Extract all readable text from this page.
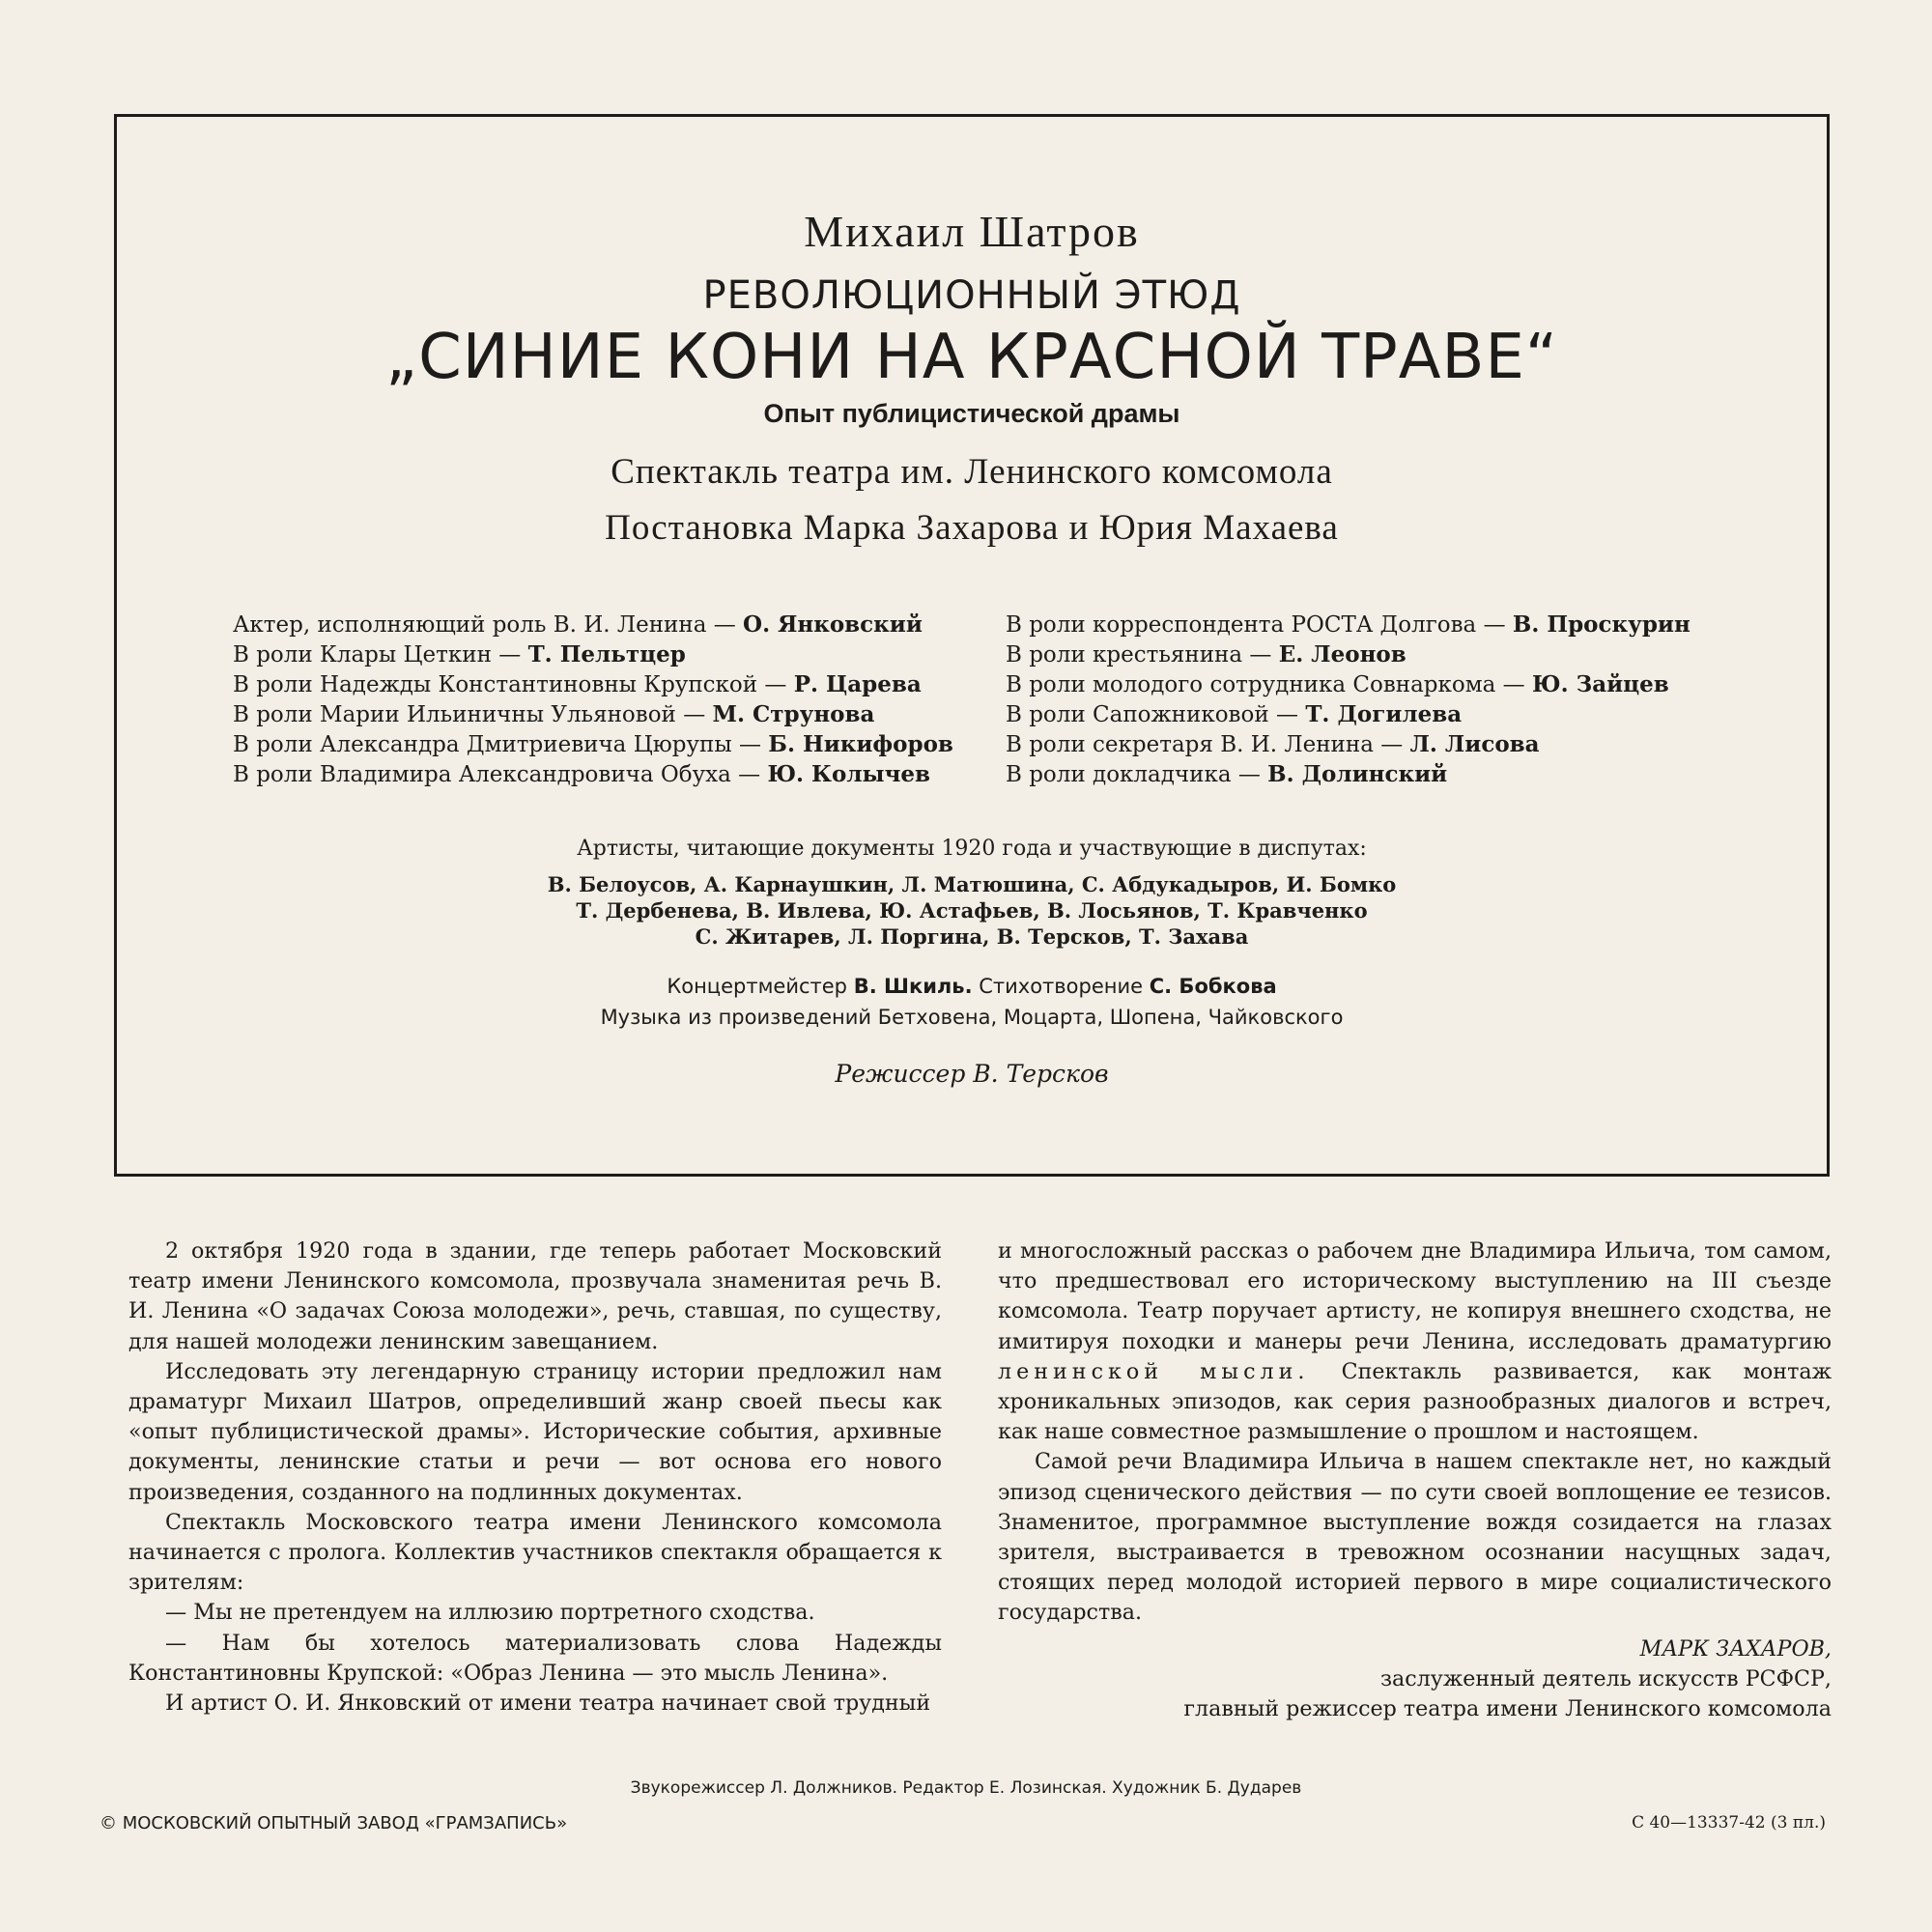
Михаил Шатров
РЕВОЛЮЦИОННЫЙ ЭТЮД
„СИНИЕ КОНИ НА КРАСНОЙ ТРАВЕ“
Опыт публицистической драмы
Спектакль театра им. Ленинского комсомола
Постановка Марка Захарова и Юрия Махаева
Актер, исполняющий роль В. И. Ленина — О. Янковский
В роли Клары Цеткин — Т. Пельтцер
В роли Надежды Константиновны Крупской — Р. Царева
В роли Марии Ильиничны Ульяновой — М. Струнова
В роли Александра Дмитриевича Цюрупы — Б. Никифоров
В роли Владимира Александровича Обуха — Ю. Колычев
В роли корреспондента РОСТА Долгова — В. Проскурин
В роли крестьянина — Е. Леонов
В роли молодого сотрудника Совнаркома — Ю. Зайцев
В роли Сапожниковой — Т. Догилева
В роли секретаря В. И. Ленина — Л. Лисова
В роли докладчика — В. Долинский
Артисты, читающие документы 1920 года и участвующие в диспутах:
В. Белоусов, А. Карнаушкин, Л. Матюшина, С. Абдукадыров, И. Бомко
Т. Дербенева, В. Ивлева, Ю. Астафьев, В. Лосьянов, Т. Кравченко
С. Житарев, Л. Поргина, В. Терсков, Т. Захава
Концертмейстер В. Шкиль. Стихотворение С. Бобкова
Музыка из произведений Бетховена, Моцарта, Шопена, Чайковского
Режиссер В. Терсков

2 октября 1920 года в здании, где теперь работает Московский театр имени Ленинского комсомола, прозвучала знаменитая речь В. И. Ленина «О задачах Союза молодежи», речь, ставшая, по существу, для нашей молодежи ленинским завещанием.

Исследовать эту легендарную страницу истории предложил нам драматург Михаил Шатров, определивший жанр своей пьесы как «опыт публицистической драмы». Исторические события, архивные документы, ленинские статьи и речи — вот основа его нового произведения, созданного на подлинных документах.

Спектакль Московского театра имени Ленинского комсомола начинается с пролога. Коллектив участников спектакля обращается к зрителям:

— Мы не претендуем на иллюзию портретного сходства.

— Нам бы хотелось материализовать слова Надежды Константиновны Крупской: «Образ Ленина — это мысль Ленина».

И артист О. И. Янковский от имени театра начинает свой трудный

и многосложный рассказ о рабочем дне Владимира Ильича, том самом, что предшествовал его историческому выступлению на III съезде комсомола. Театр поручает артисту, не копируя внешнего сходства, не имитируя походки и манеры речи Ленина, исследовать драматургию ленинской мысли. Спектакль развивается, как монтаж хроникальных эпизодов, как серия разнообразных диалогов и встреч, как наше совместное размышление о прошлом и настоящем.

Самой речи Владимира Ильича в нашем спектакле нет, но каждый эпизод сценического действия — по сути своей воплощение ее тезисов. Знаменитое, программное выступление вождя созидается на глазах зрителя, выстраивается в тревожном осознании насущных задач, стоящих перед молодой историей первого в мире социалистического государства.

МАРК ЗАХАРОВ,
заслуженный деятель искусств РСФСР,
главный режиссер театра имени Ленинского комсомола
Звукорежиссер Л. Должников. Редактор Е. Лозинская. Художник Б. Дударев
© МОСКОВСКИЙ ОПЫТНЫЙ ЗАВОД «ГРАМЗАПИСЬ»	С 40—13337-42 (3 пл.)
